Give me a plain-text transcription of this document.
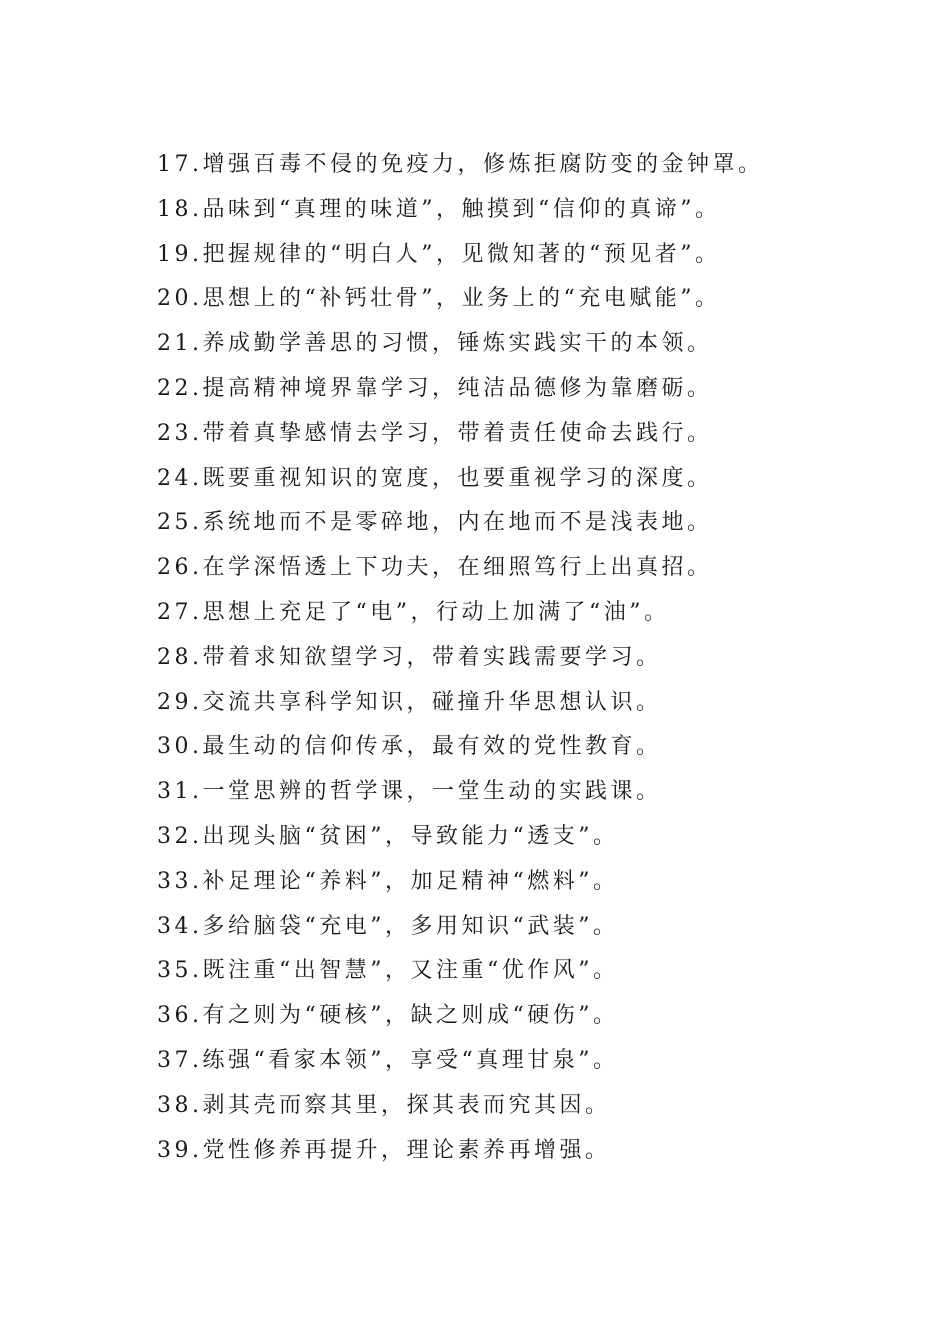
17.增强百毒不侵的免疫力，修炼拒腐防变的金钟罩。
18.品味到“真理的味道”，触摸到“信仰的真谛”。
19.把握规律的“明白人”，见微知著的“预见者”。
20.思想上的“补钙壮骨”，业务上的“充电赋能”。
21.养成勤学善思的习惯，锤炼实践实干的本领。
22.提高精神境界靠学习，纯洁品德修为靠磨砺。
23.带着真挚感情去学习，带着责任使命去践行。
24.既要重视知识的宽度，也要重视学习的深度。
25.系统地而不是零碎地，内在地而不是浅表地。
26.在学深悟透上下功夫，在细照笃行上出真招。
27.思想上充足了“电”，行动上加满了“油”。
28.带着求知欲望学习，带着实践需要学习。
29.交流共享科学知识，碰撞升华思想认识。
30.最生动的信仰传承，最有效的党性教育。
31.一堂思辨的哲学课，一堂生动的实践课。
32.出现头脑“贫困”，导致能力“透支”。
33.补足理论“养料”，加足精神“燃料”。
34.多给脑袋“充电”，多用知识“武装”。
35.既注重“出智慧”，又注重“优作风”。
36.有之则为“硬核”，缺之则成“硬伤”。
37.练强“看家本领”，享受“真理甘泉”。
38.剥其壳而察其里，探其表而究其因。
39.党性修养再提升，理论素养再增强。
